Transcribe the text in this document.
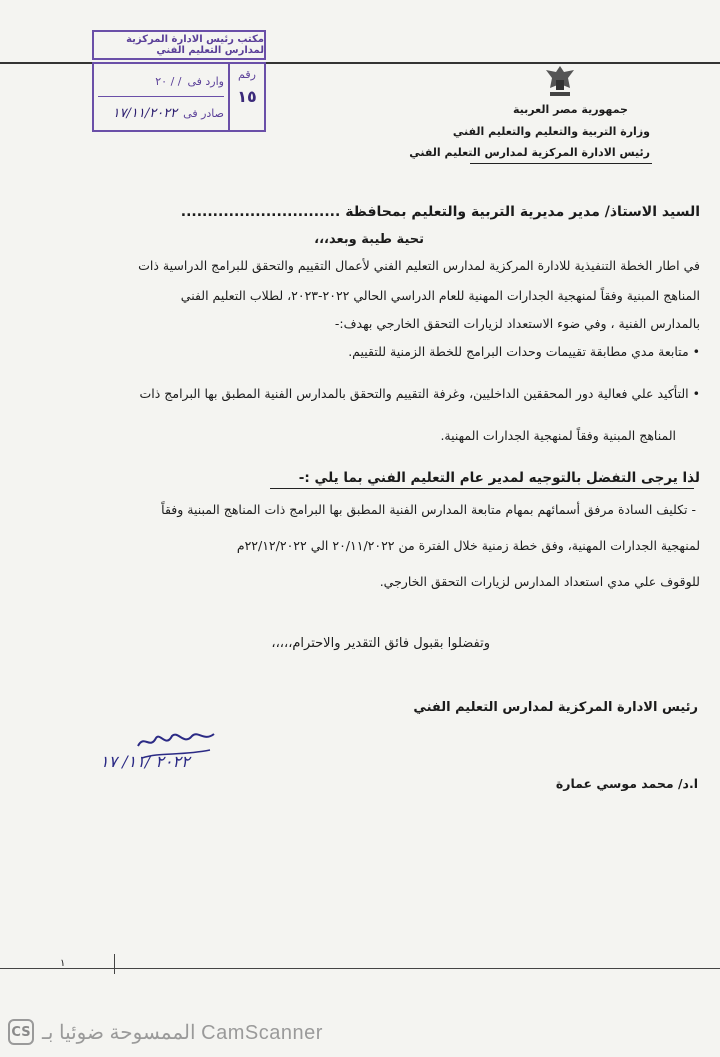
مكتب رئيس الادارة المركزية لمدارس التعليم الفني
رقم
١٥
وارد فى
/ / ٢٠
صادر فى
١٧/١١/٢٠٢٢	جمهورية مصر العربية
وزارة التربية والتعليم والتعليم الفني
رئيس الادارة المركزية لمدارس التعليم الفني
السيد الاستاذ/ مدير مديرية التربية والتعليم بمحافظة ..............................
تحية طيبة وبعد،،،
في اطار الخطة التنفيذية للادارة المركزية لمدارس التعليم الفني لأعمال التقييم والتحقق للبرامج الدراسية ذات
المناهج المبنية وفقاً لمنهجية الجدارات المهنية للعام الدراسي الحالي ٢٠٢٢-٢٠٢٣، لطلاب التعليم الفني
بالمدارس الفنية ، وفي ضوء الاستعداد لزيارات التحقق الخارجي بهدف:-
• متابعة مدي مطابقة تقييمات وحدات البرامج للخطة الزمنية للتقييم.
• التأكيد علي فعالية دور المحققين الداخليين، وغرفة التقييم والتحقق بالمدارس الفنية المطبق بها البرامج ذات
المناهج المبنية وفقاً لمنهجية الجدارات المهنية.
لذا يرجى التفضل بالتوجيه لمدير عام التعليم الفني بما يلي :-
- تكليف السادة مرفق أسمائهم بمهام متابعة المدارس الفنية المطبق بها البرامج ذات المناهج المبنية وفقاً
لمنهجية الجدارات المهنية، وفق خطة زمنية خلال الفترة من ٢٠/١١/٢٠٢٢ الي ٢٢/١٢/٢٠٢٢م
للوقوف علي مدي استعداد المدارس لزيارات التحقق الخارجي.
وتفضلوا بقبول فائق التقدير والاحترام،،،،،
رئيس الادارة المركزية لمدارس التعليم الفني
٢٠٢٢ /١١/ ١٧
ا.د/ محمد موسي عمارة
١
CS الممسوحة ضوئيا بـ CamScanner
